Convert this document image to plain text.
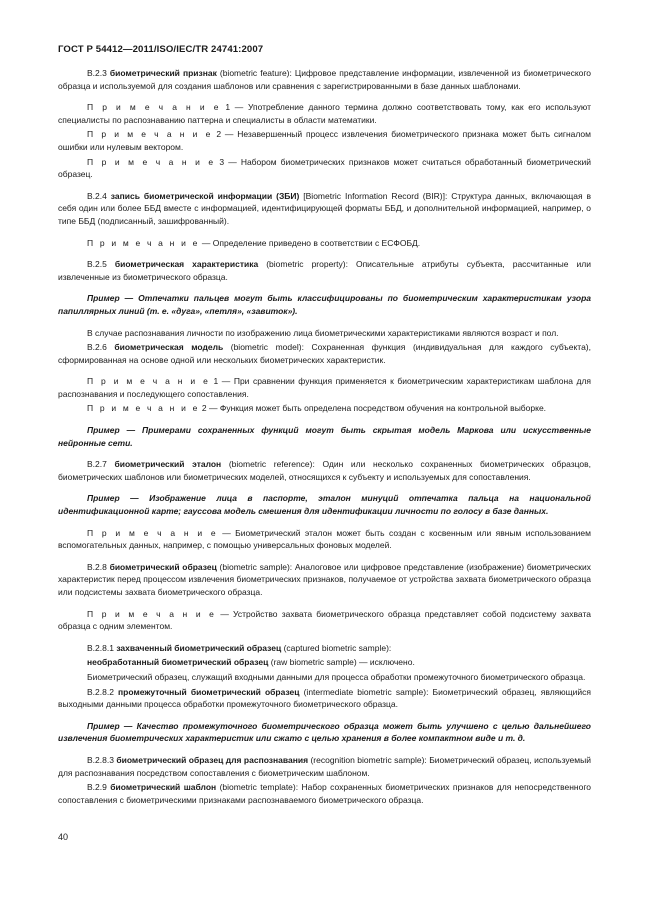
ГОСТ Р 54412—2011/ISO/IEC/TR 24741:2007

В.2.3 биометрический признак (biometric feature): Цифровое представление информации, извлеченной из биометрического образца и используемой для создания шаблонов или сравнения с зарегистрированными в базе данных шаблонами.

П р и м е ч а н и е 1 — Употребление данного термина должно соответствовать тому, как его используют специалисты по распознаванию паттерна и специалисты в области математики.

П р и м е ч а н и е 2 — Незавершенный процесс извлечения биометрического признака может быть сигналом ошибки или нулевым вектором.

П р и м е ч а н и е 3 — Набором биометрических признаков может считаться обработанный биометрический образец.

В.2.4 запись биометрической информации (ЗБИ) [Biometric Information Record (BIR)]: Структура данных, включающая в себя один или более ББД вместе с информацией, идентифицирующей форматы ББД, и дополнительной информацией, например, о типе ББД (подписанный, зашифрованный).

П р и м е ч а н и е — Определение приведено в соответствии с ЕСФОБД.

В.2.5 биометрическая характеристика (biometric property): Описательные атрибуты субъекта, рассчитанные или извлеченные из биометрического образца.

Пример — Отпечатки пальцев могут быть классифицированы по биометрическим характеристикам узора папиллярных линий (т. е. «дуга», «петля», «завиток»).

В случае распознавания личности по изображению лица биометрическими характеристиками являются возраст и пол.

В.2.6 биометрическая модель (biometric model): Сохраненная функция (индивидуальная для каждого субъекта), сформированная на основе одной или нескольких биометрических характеристик.

П р и м е ч а н и е 1 — При сравнении функция применяется к биометрическим характеристикам шаблона для распознавания и последующего сопоставления.

П р и м е ч а н и е 2 — Функция может быть определена посредством обучения на контрольной выборке.

Пример — Примерами сохраненных функций могут быть скрытая модель Маркова или искусственные нейронные сети.

В.2.7 биометрический эталон (biometric reference): Один или несколько сохраненных биометрических образцов, биометрических шаблонов или биометрических моделей, относящихся к субъекту и используемых для сопоставления.

Пример — Изображение лица в паспорте, эталон минуций отпечатка пальца на национальной идентификационной карте; гауссова модель смешения для идентификации личности по голосу в базе данных.

П р и м е ч а н и е — Биометрический эталон может быть создан с косвенным или явным использованием вспомогательных данных, например, с помощью универсальных фоновых моделей.

В.2.8 биометрический образец (biometric sample): Аналоговое или цифровое представление (изображение) биометрических характеристик перед процессом извлечения биометрических признаков, получаемое от устройства захвата биометрического образца или подсистемы захвата биометрического образца.

П р и м е ч а н и е — Устройство захвата биометрического образца представляет собой подсистему захвата образца с одним элементом.

В.2.8.1 захваченный биометрический образец (captured biometric sample):

необработанный биометрический образец (raw biometric sample) — исключено.

Биометрический образец, служащий входными данными для процесса обработки промежуточного биометрического образца.

В.2.8.2 промежуточный биометрический образец (intermediate biometric sample): Биометрический образец, являющийся выходными данными процесса обработки промежуточного биометрического образца.

Пример — Качество промежуточного биометрического образца может быть улучшено с целью дальнейшего извлечения биометрических характеристик или сжато с целью хранения в более компактном виде и т. д.

В.2.8.3 биометрический образец для распознавания (recognition biometric sample): Биометрический образец, используемый для распознавания посредством сопоставления с биометрическим шаблоном.

В.2.9 биометрический шаблон (biometric template): Набор сохраненных биометрических признаков для непосредственного сопоставления с биометрическими признаками распознаваемого биометрического образца.

40
